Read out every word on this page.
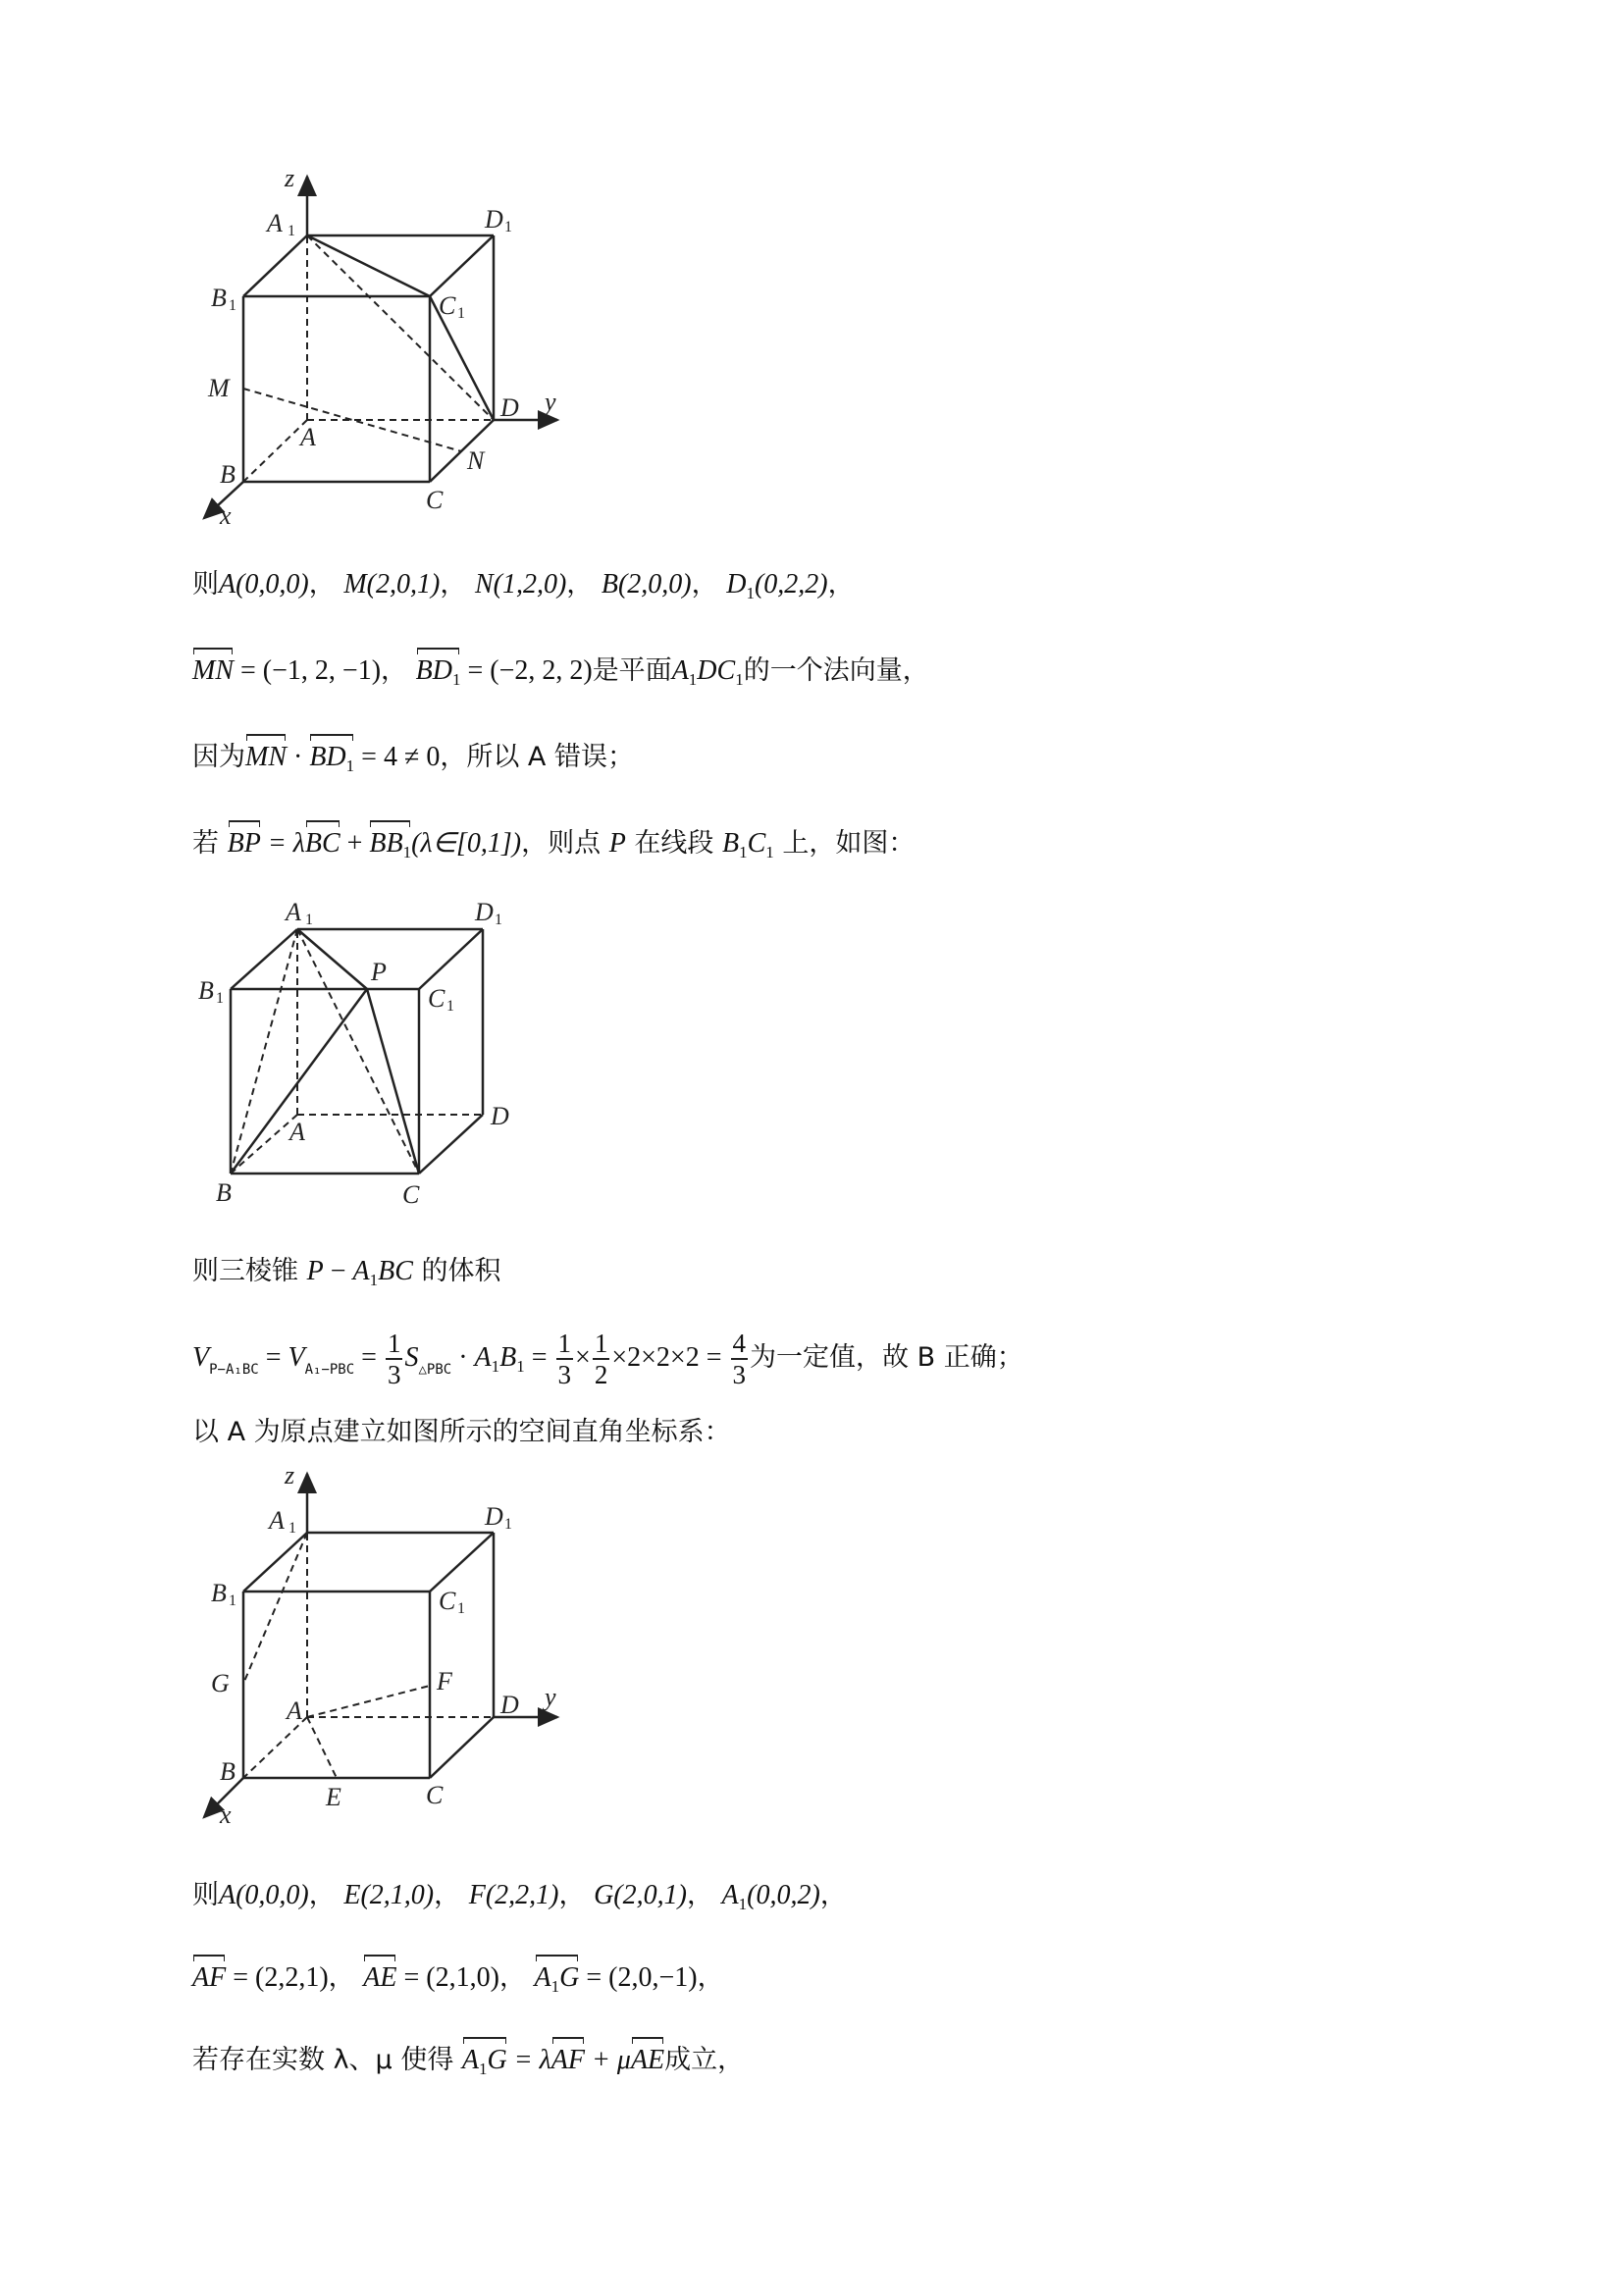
z
A 1	D 1
B 1	C 1
M
A
D y
N
B
C
x
则A(0,0,0)， M(2,0,1)， N(1,2,0)， B(2,0,0)， $D_1(0,2,2)$，
MN = (−1, 2, −1)， $BD_1 = (-2$, 2, 2)是平面$A_1DC_1$的一个法向量，
因为MN · $BD_1 = 4 \ne 0$，所以 A 错误；
若 BP = $\lambda BC + BB_1(\lambda\in[0,1])$，则点 P 在线段 $B_1C_1$ 上，如图：
A 1	D 1
B 1
P
C 1
A
D
B	C
则三棱锥 $P - A_1BC$ 的体积
$V_{P-A_1BC} = V_{A_1-PBC} = \frac{1}{3} S_{\triangle PBC} \cdot A_1B_1 = \frac{1}{3} \times \frac{1}{2} \times 2\times 2\times 2 = \frac{4}{3}$ 为一定值，故 B 正确；
以 A 为原点建立如图所示的空间直角坐标系：
z
A 1	D 1
B 1	C 1
G	F
A	D y
B
E	C
x
则A(0,0,0)， E(2,1,0)， F(2,2,1)， G(2,0,1)， $A_1(0,0,2)$，
AF = (2,2,1)， AE = (2,1,0)， $A_1G = (2,0,-1)$，
若存在实数 λ、μ 使得 $A_1G = \lambda AF + \mu AE$成立，
